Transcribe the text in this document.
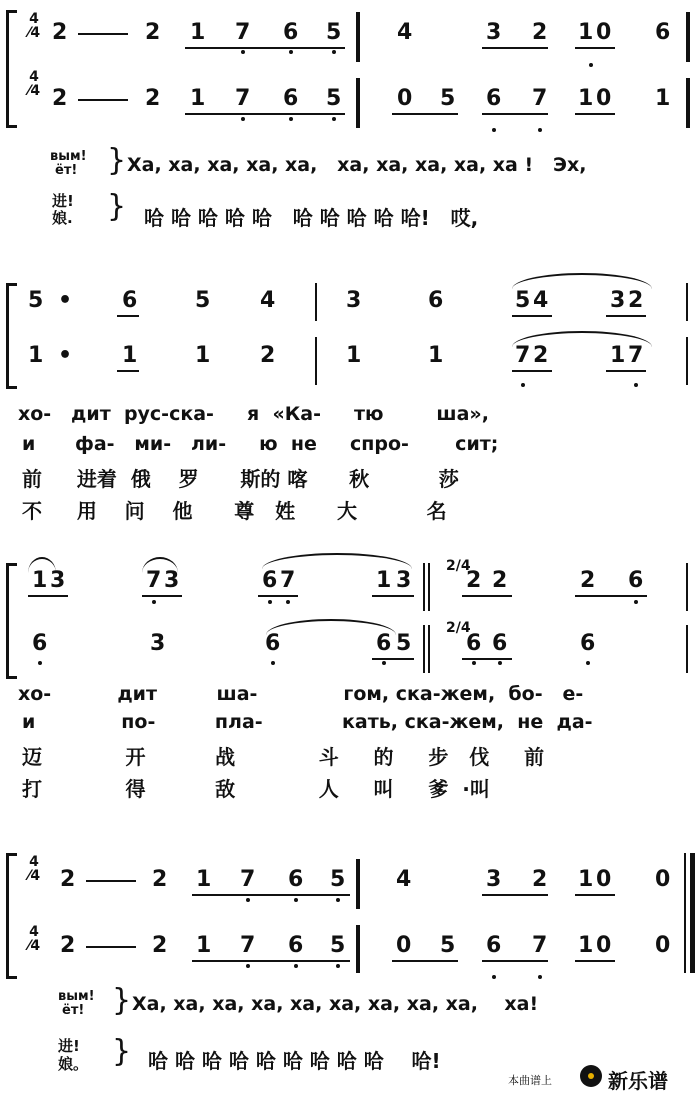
4
⁄4
4
⁄4
2	2 1 7 6 5	4	3 2 1 0 6
2	2 1 7 6 5	0 5 6 7 1 0 1
вым!
ёт! } Ха, ха, ха, ха, ха,   ха, ха, ха, ха, ха !   Эх,
进!
娘. } 哈 哈 哈 哈 哈   哈 哈 哈 哈 哈!   哎,
5 • 6	5 4	3	6	5 4	3 2
1 • 1	1 2	1	1	7 2	1 7
хо-   дит  рус-ска-     я  «Ка-     тю        ша»,
и      фа-   ми-   ли-     ю  не     спро-       сит;
前     进着  俄    罗      斯的 喀      秋          莎
不     用    问    他      尊   姓      大          名
1 3	7 3	6 7	1 3
2/4
2 2	2 6
6	3	6	6 5
2/4
6 6	6
хо-          дит         ша-             гом, ска-жем,  бо-   е-
и             по-         пла-            кать, ска-жем,  не  да-
迈            开          战            斗     的     步   伐     前
打            得          敌            人     叫     爹  ·叫
4
⁄4
4
⁄4
2	2 1 7 6 5 4	3 2 1 0 0
2	2 1 7 6 5 0 5 6 7 1 0 0
вым!
ёт! } Ха, ха, ха, ха, ха, ха, ха, ха, ха,    ха!
进!
娘。 } 哈 哈 哈 哈 哈 哈 哈 哈 哈    哈!
本曲谱上	新乐谱
